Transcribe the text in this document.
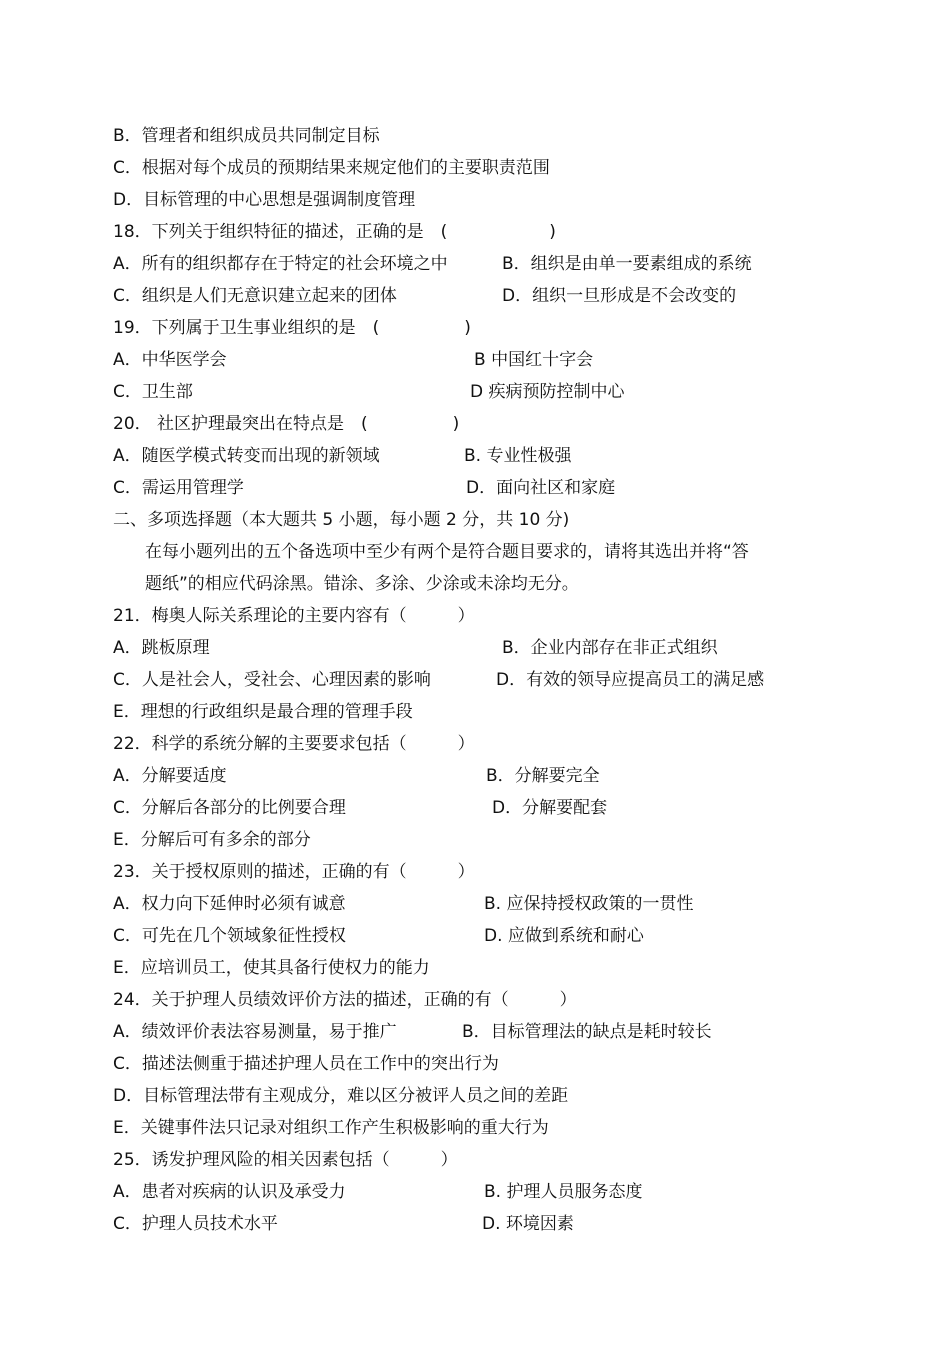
B．管理者和组织成员共同制定目标
C．根据对每个成员的预期结果来规定他们的主要职责范围
D．目标管理的中心思想是强调制度管理
18．下列关于组织特征的描述，正确的是　(　　　　　　)
A．所有的组织都存在于特定的社会环境之中	B．组织是由单一要素组成的系统
C．组织是人们无意识建立起来的团体	D．组织一旦形成是不会改变的
19．下列属于卫生事业组织的是　(　　　　　)
A．中华医学会	B 中国红十字会
C．卫生部	D 疾病预防控制中心
20． 社区护理最突出在特点是　(　　　　　)
A．随医学模式转变而出现的新领域	B. 专业性极强
C．需运用管理学	D．面向社区和家庭
二、多项选择题（本大题共 5 小题，每小题 2 分，共 10 分)
在每小题列出的五个备选项中至少有两个是符合题目要求的，请将其选出并将“答
题纸”的相应代码涂黑。错涂、多涂、少涂或未涂均无分。
21．梅奥人际关系理论的主要内容有（　　　）
A．跳板原理	B．企业内部存在非正式组织
C．人是社会人，受社会、心理因素的影响	D．有效的领导应提高员工的满足感
E．理想的行政组织是最合理的管理手段
22．科学的系统分解的主要要求包括（　　　）
A．分解要适度	B．分解要完全
C．分解后各部分的比例要合理	D．分解要配套
E．分解后可有多余的部分
23．关于授权原则的描述，正确的有（　　　）
A．权力向下延伸时必须有诚意	B. 应保持授权政策的一贯性
C．可先在几个领域象征性授权	D. 应做到系统和耐心
E．应培训员工，使其具备行使权力的能力
24．关于护理人员绩效评价方法的描述，正确的有（　　　）
A．绩效评价表法容易测量，易于推广	B．目标管理法的缺点是耗时较长
C．描述法侧重于描述护理人员在工作中的突出行为
D．目标管理法带有主观成分，难以区分被评人员之间的差距
E．关键事件法只记录对组织工作产生积极影响的重大行为
25．诱发护理风险的相关因素包括（　　　）
A．患者对疾病的认识及承受力	B. 护理人员服务态度
C．护理人员技术水平	D. 环境因素
